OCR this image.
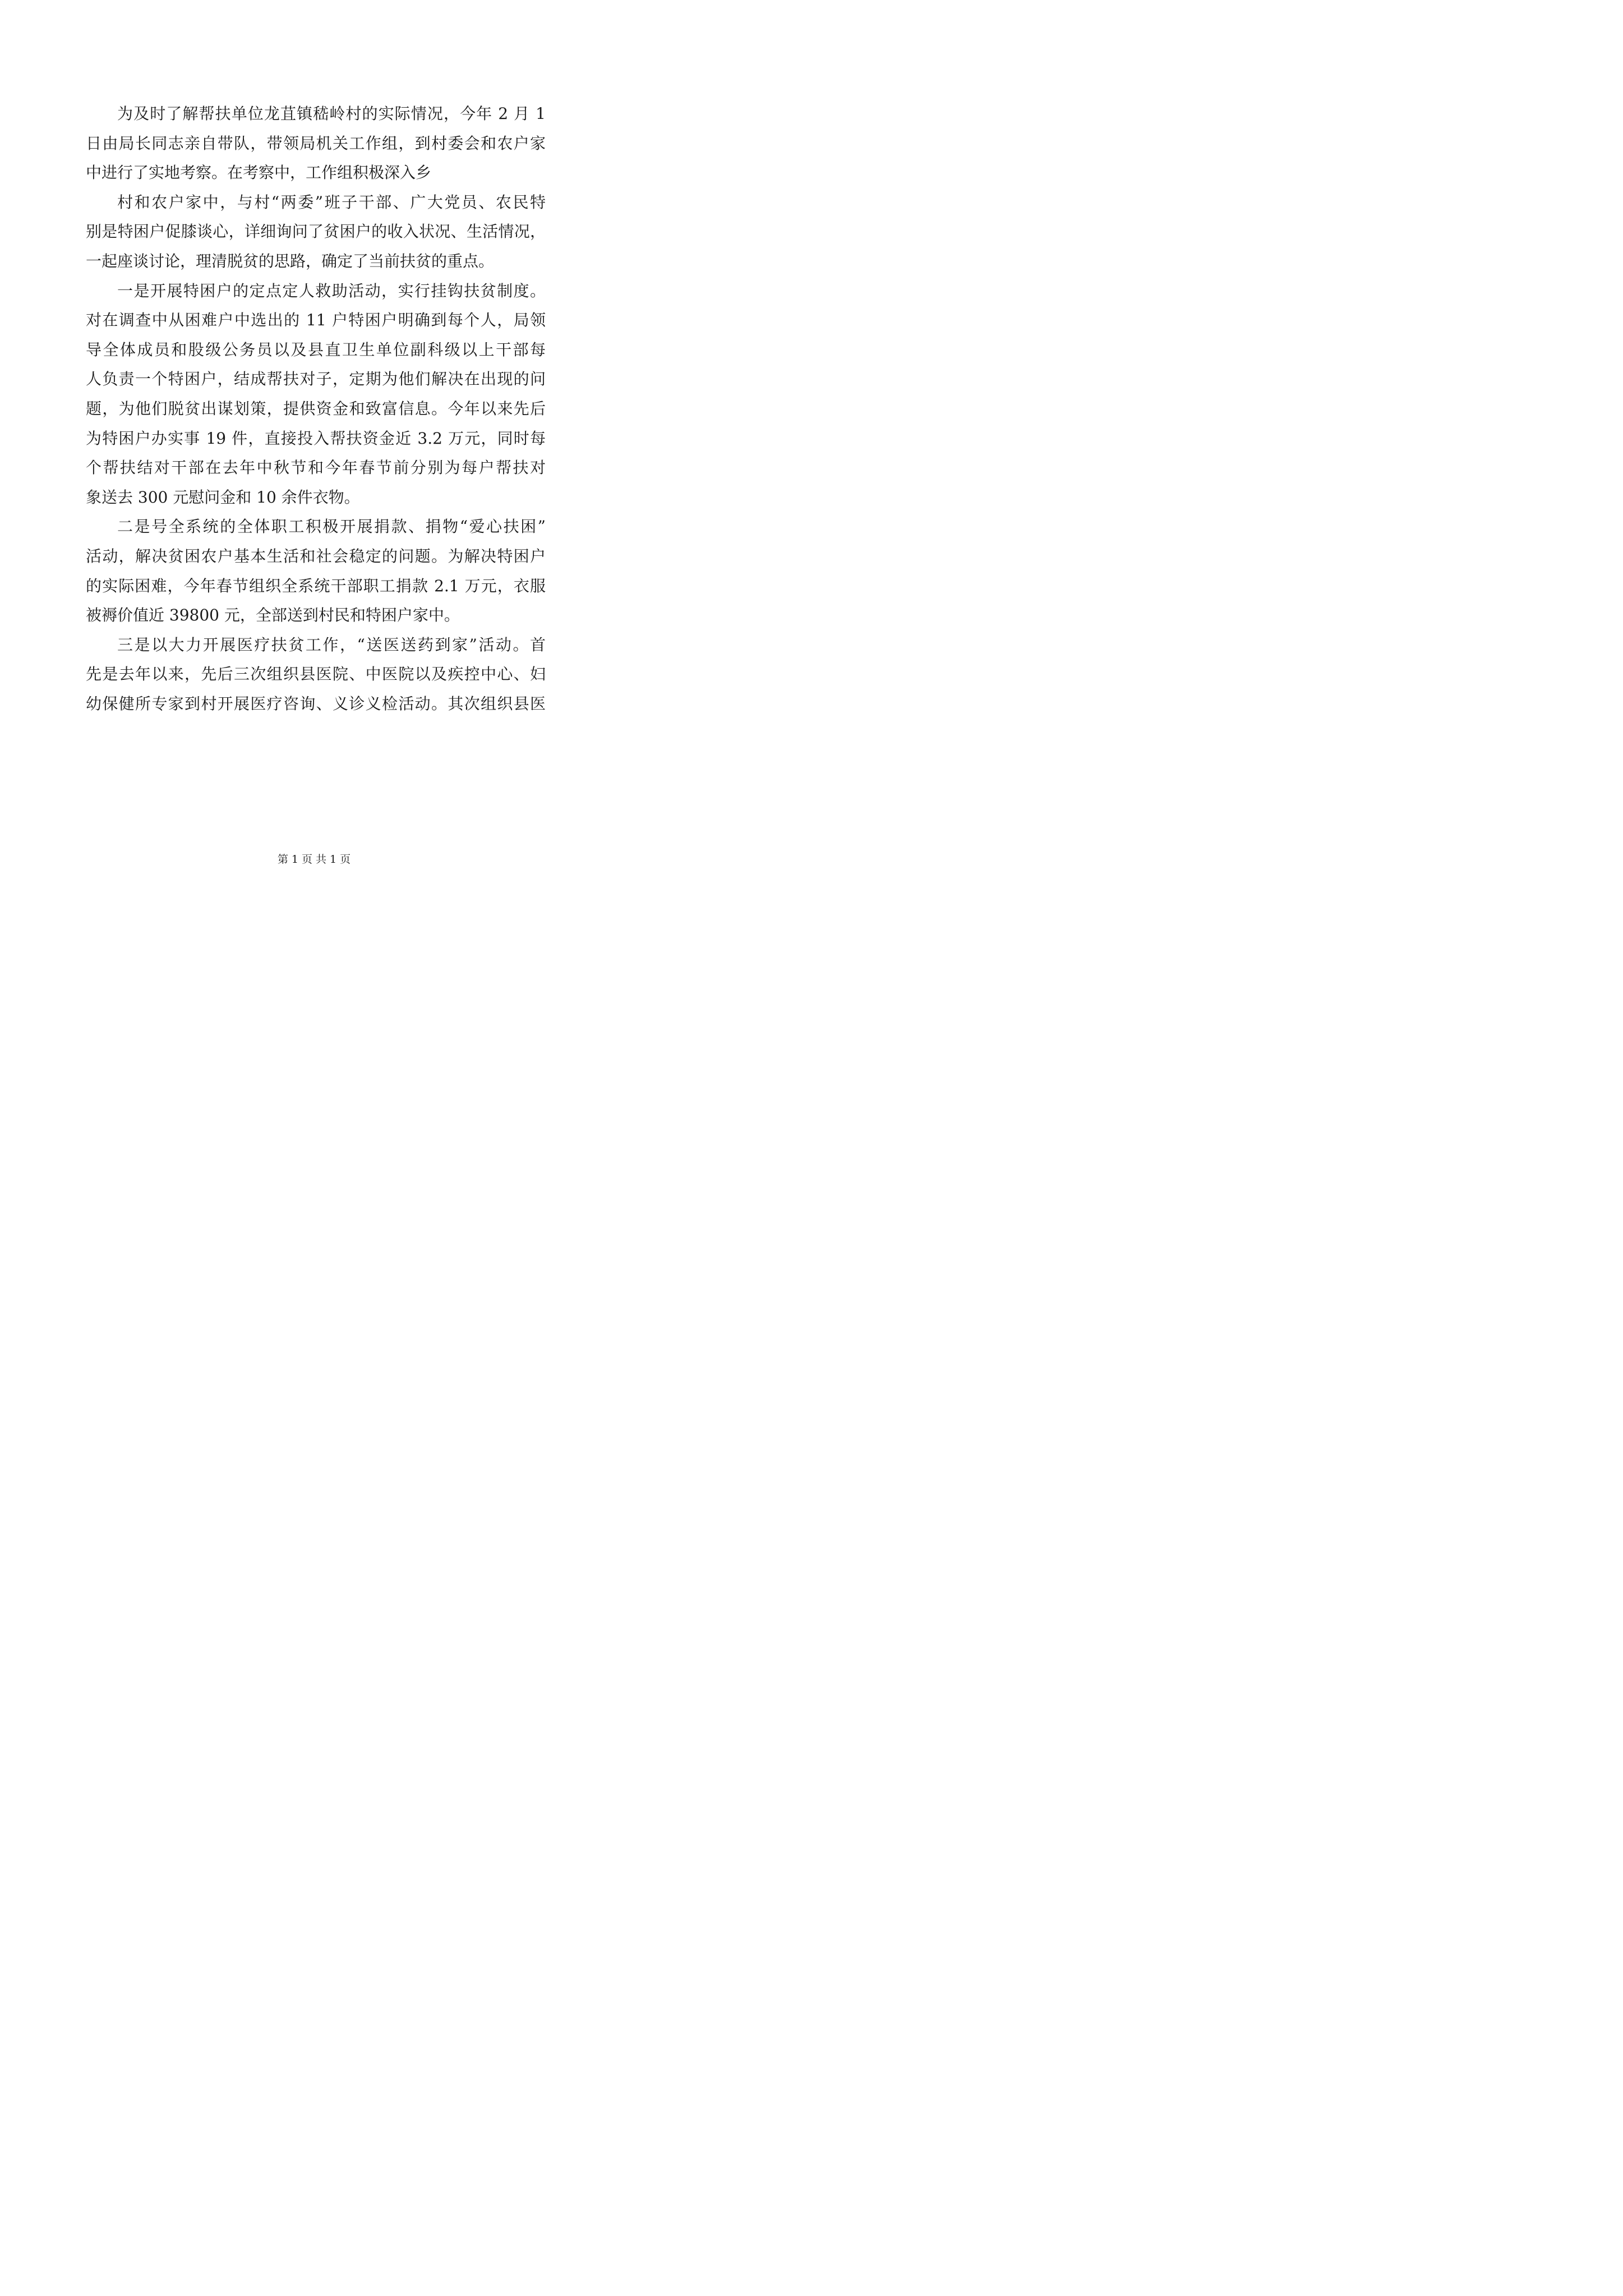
为及时了解帮扶单位龙苴镇嵇岭村的实际情况，今年 2 月 1
日由局长同志亲自带队，带领局机关工作组，到村委会和农户家
中进行了实地考察。在考察中，工作组积极深入乡
村和农户家中，与村“两委”班子干部、广大党员、农民特
别是特困户促膝谈心，详细询问了贫困户的收入状况、生活情况，
一起座谈讨论，理清脱贫的思路，确定了当前扶贫的重点。
一是开展特困户的定点定人救助活动，实行挂钩扶贫制度。
对在调查中从困难户中选出的 11 户特困户明确到每个人，局领
导全体成员和股级公务员以及县直卫生单位副科级以上干部每
人负责一个特困户，结成帮扶对子，定期为他们解决在出现的问
题，为他们脱贫出谋划策，提供资金和致富信息。今年以来先后
为特困户办实事 19 件，直接投入帮扶资金近 3.2 万元，同时每
个帮扶结对干部在去年中秋节和今年春节前分别为每户帮扶对
象送去 300 元慰问金和 10 余件衣物。
二是号全系统的全体职工积极开展捐款、捐物“爱心扶困”
活动，解决贫困农户基本生活和社会稳定的问题。为解决特困户
的实际困难，今年春节组织全系统干部职工捐款 2.1 万元，衣服
被褥价值近 39800 元，全部送到村民和特困户家中。
三是以大力开展医疗扶贫工作，“送医送药到家”活动。首
先是去年以来，先后三次组织县医院、中医院以及疾控中心、妇
幼保健所专家到村开展医疗咨询、义诊义检活动。其次组织县医
第 1 页 共 1 页
